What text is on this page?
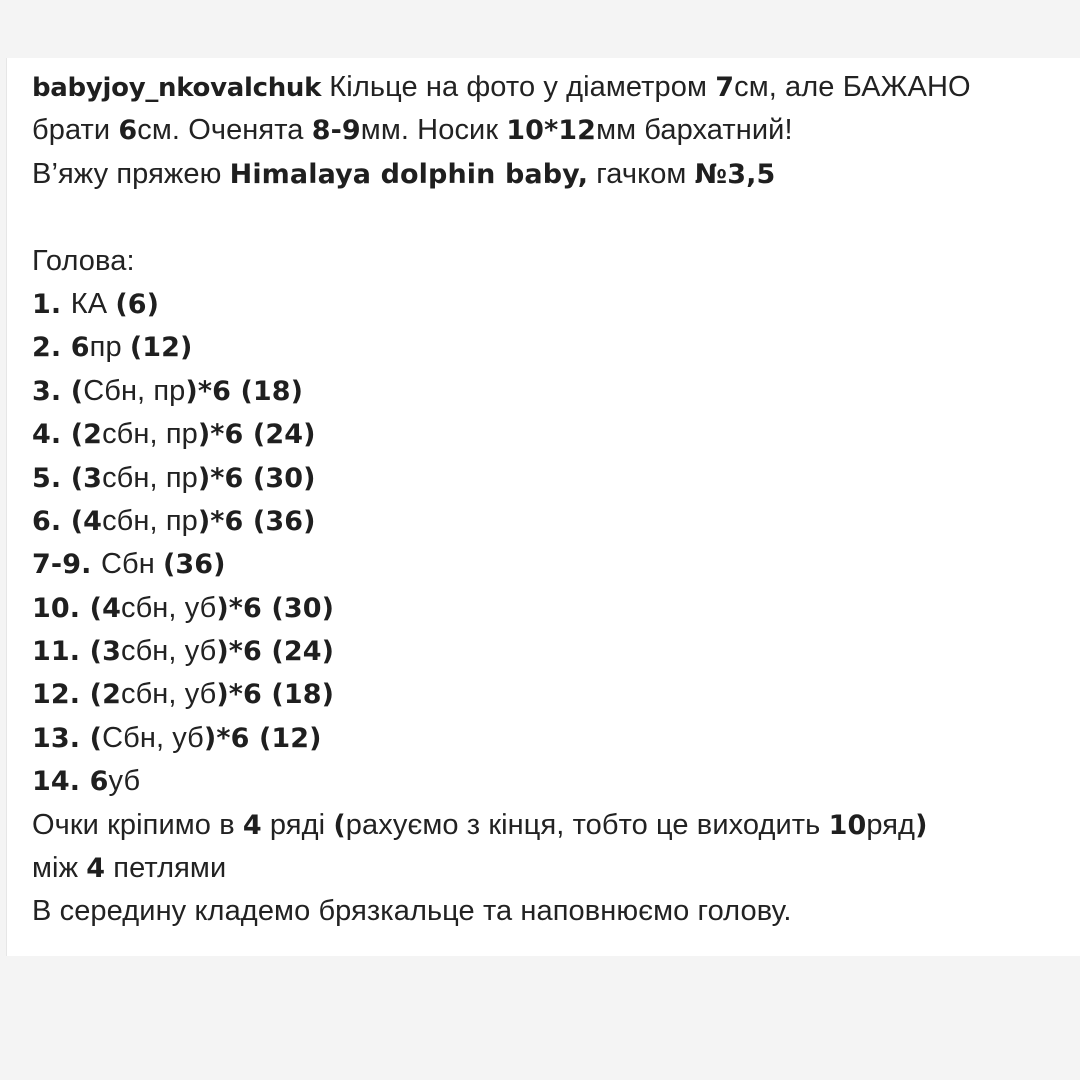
babyjoy_nkovalchuk Кільце на фото у діаметром 7см, але БАЖАНО
брати 6см. Оченята 8-9мм. Носик 10*12мм бархатний!
В’яжу пряжею Himalaya dolphin baby, гачком №3,5
Голова:
1. КА (6)
2. 6пр (12)
3. (Сбн, пр)*6 (18)
4. (2сбн, пр)*6 (24)
5. (3сбн, пр)*6 (30)
6. (4сбн, пр)*6 (36)
7-9. Сбн (36)
10. (4сбн, уб)*6 (30)
11. (3сбн, уб)*6 (24)
12. (2сбн, уб)*6 (18)
13. (Сбн, уб)*6 (12)
14. 6уб
Очки кріпимо в 4 ряді (рахуємо з кінця, тобто це виходить 10ряд)
між 4 петлями
В середину кладемо брязкальце та наповнюємо голову.
